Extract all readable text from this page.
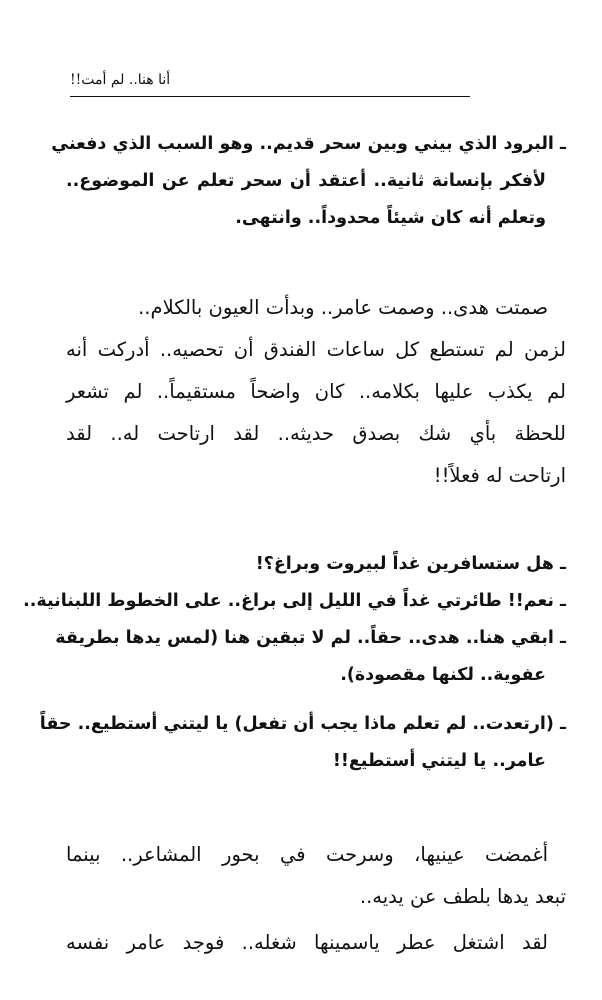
أنا هنا.. لم أمت!!
ـ البرود الذي بيني وبين سحر قديم.. وهو السبب الذي دفعني
لأفكر بإنسانة ثانية.. أعتقد أن سحر تعلم عن الموضوع..
وتعلم أنه كان شيئاً محدوداً.. وانتهى.
صمتت هدى.. وصمت عامر.. وبدأت العيون بالكلام..
لزمن لم تستطع كل ساعات الفندق أن تحصيه.. أدركت أنه
لم يكذب عليها بكلامه.. كان واضحاً مستقيماً.. لم تشعر
للحظة بأي شك بصدق حديثه.. لقد ارتاحت له.. لقد
ارتاحت له فعلاً!!
ـ هل ستسافرين غداً لبيروت وبراغ؟!
ـ نعم!! طائرتي غداً في الليل إلى براغ.. على الخطوط اللبنانية..
ـ ابقي هنا.. هدى.. حقاً.. لم لا تبقين هنا (لمس يدها بطريقة
عفوية.. لكنها مقصودة).
ـ (ارتعدت.. لم تعلم ماذا يجب أن تفعل) يا ليتني أستطيع.. حقاً
عامر.. يا ليتني أستطيع!!
أغمضت عينيها، وسرحت في بحور المشاعر.. بينما
تبعد يدها بلطف عن يديه..
لقد اشتغل عطر ياسمينها شغله.. فوجد عامر نفسه
